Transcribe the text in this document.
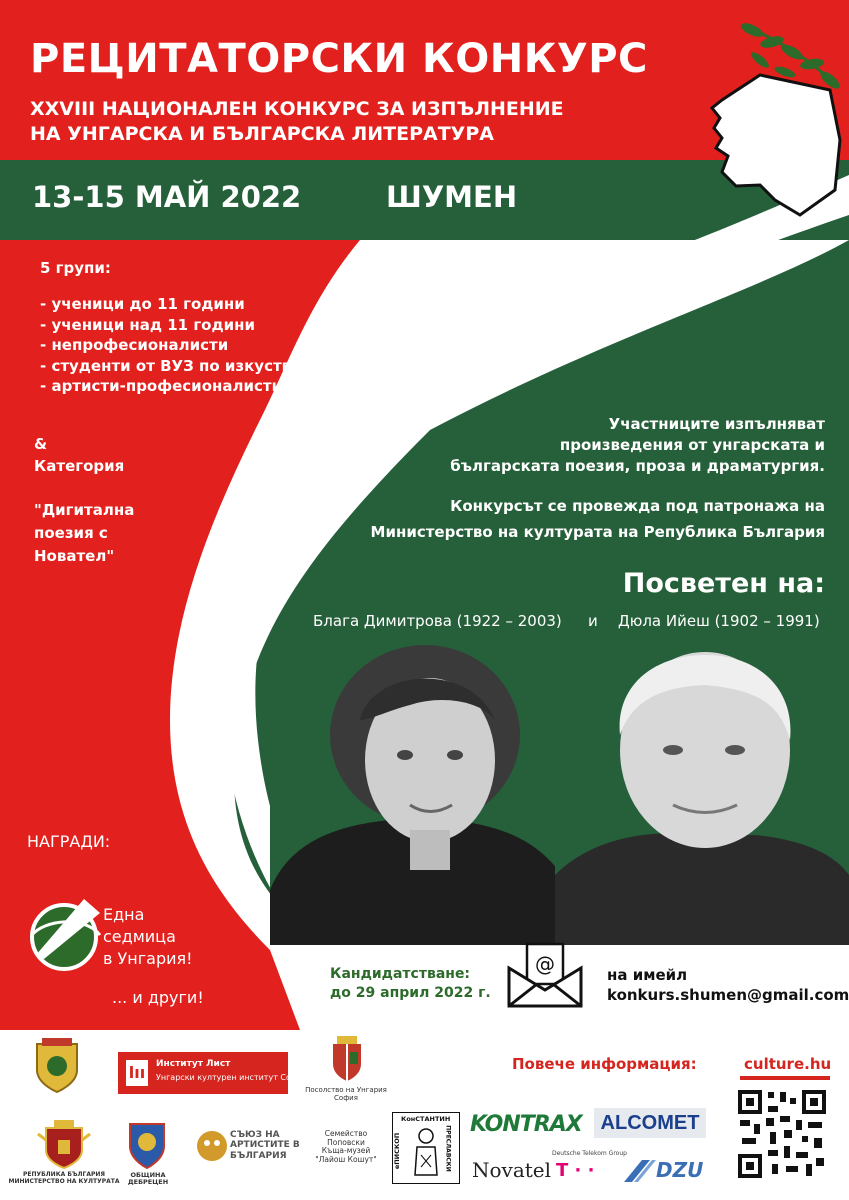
РЕЦИТАТОРСКИ КОНКУРС
XXVIII НАЦИОНАЛЕН КОНКУРС ЗА ИЗПЪЛНЕНИЕ
НА УНГАРСКА И БЪЛГАРСКА ЛИТЕРАТУРА
13-15 МАЙ 2022	ШУМЕН
5 групи:
- ученици до 11 години
- ученици над 11 години
- непрофесионалисти
- студенти от ВУЗ по изкуствата
- артисти-професионалисти
&
Категория
"Дигитална
поезия с
Новател"
Участниците изпълняват
произведения от унгарската и
българската поезия, проза и драматургия.
Конкурсът се провежда под патронажа на
Министерство на културата на Република България
Посветен на:
Блага Димитрова (1922 – 2003) и Дюла Ийеш (1902 – 1991)
НАГРАДИ:
Една
седмица
в Унгария!
... и други!
Кандидатстване:
до 29 април 2022 г.
@	на имейл
konkurs.shumen@gmail.com
lıı	Институт Лист
Унгарски културен институт София
Посолство на Унгария София
Повече информация:	culture.hu
РЕПУБЛИКА БЪЛГАРИЯ МИНИСТЕРСТВО НА КУЛТУРАТА
ОБЩИНА ДЕБРЕЦЕН
СЪЮЗ НА
АРТИСТИТЕ В
БЪЛГАРИЯ
Семейство
Поповски
Къща-музей
"Лайош Кошут"
КонСТАНТИН
еПИСКОП	ПРЕСЛАВСКИ
KONTRAX ALCOMET
Novatel
Deutsche Telekom Group
T · ·	DZU
